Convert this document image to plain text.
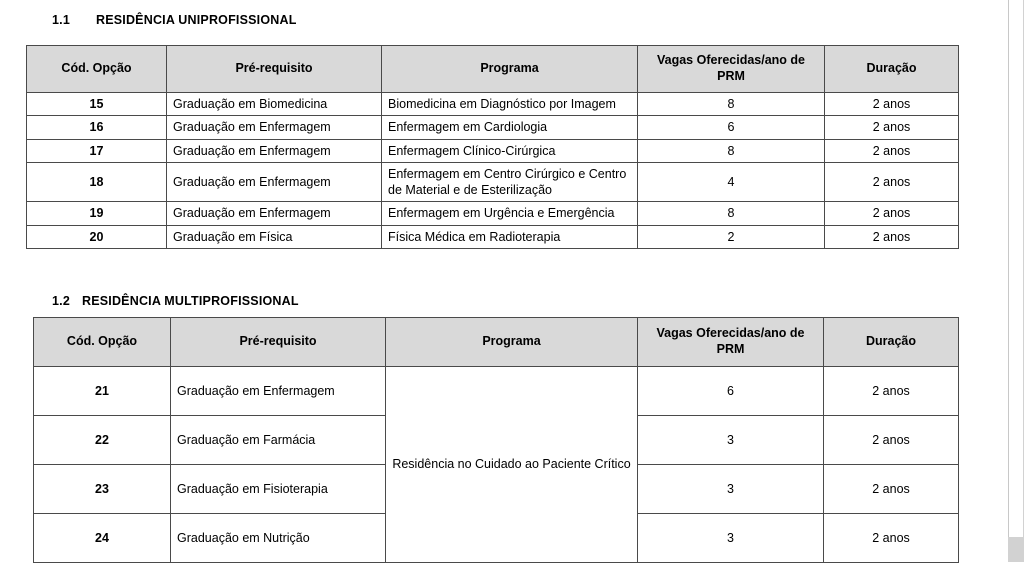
1.1 RESIDÊNCIA UNIPROFISSIONAL
Cód. Opção	Pré-requisito	Programa	Vagas Oferecidas/ano de PRM	Duração
15	Graduação em Biomedicina	Biomedicina em Diagnóstico por Imagem	8	2 anos
16	Graduação em Enfermagem	Enfermagem em Cardiologia	6	2 anos
17	Graduação em Enfermagem	Enfermagem Clínico-Cirúrgica	8	2 anos
18	Graduação em Enfermagem	Enfermagem em Centro Cirúrgico e Centro de Material e de Esterilização	4	2 anos
19	Graduação em Enfermagem	Enfermagem em Urgência e Emergência	8	2 anos
20	Graduação em Física	Física Médica em Radioterapia	2	2 anos
1.2 RESIDÊNCIA MULTIPROFISSIONAL
Cód. Opção	Pré-requisito	Programa	Vagas Oferecidas/ano de PRM	Duração
21	Graduação em Enfermagem	Residência no Cuidado ao Paciente Crítico	6	2 anos
22	Graduação em Farmácia		3	2 anos
23	Graduação em Fisioterapia		3	2 anos
24	Graduação em Nutrição		3	2 anos
